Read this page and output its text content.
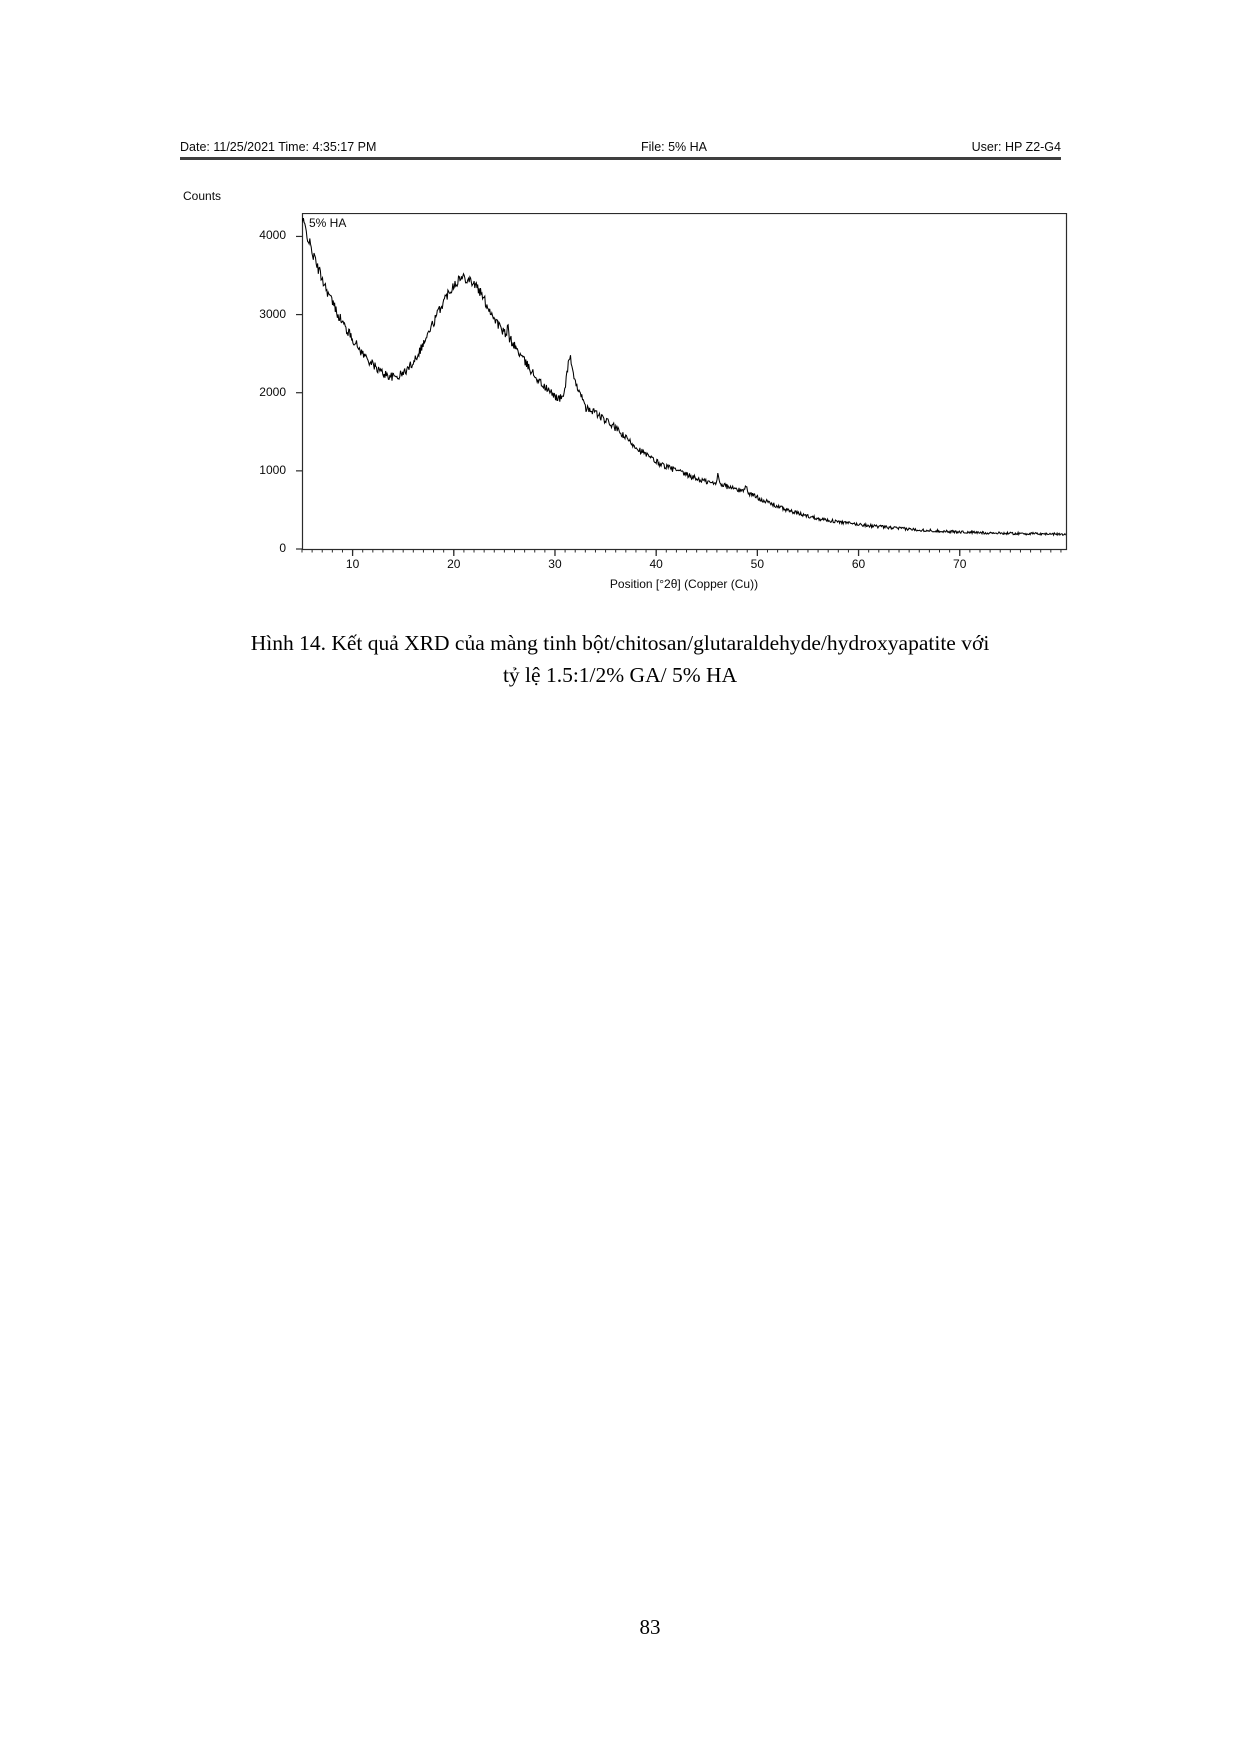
Date: 11/25/2021 Time: 4:35:17 PM	File: 5% HA	User: HP Z2-G4
Counts
5% HA
0
1000
2000
3000
4000
10	20	30	40	50	60	70
Position [°2θ] (Copper (Cu))
Hình 14. Kết quả XRD của màng tinh bột/chitosan/glutaraldehyde/hydroxyapatite với
tỷ lệ 1.5:1/2% GA/ 5% HA
83
